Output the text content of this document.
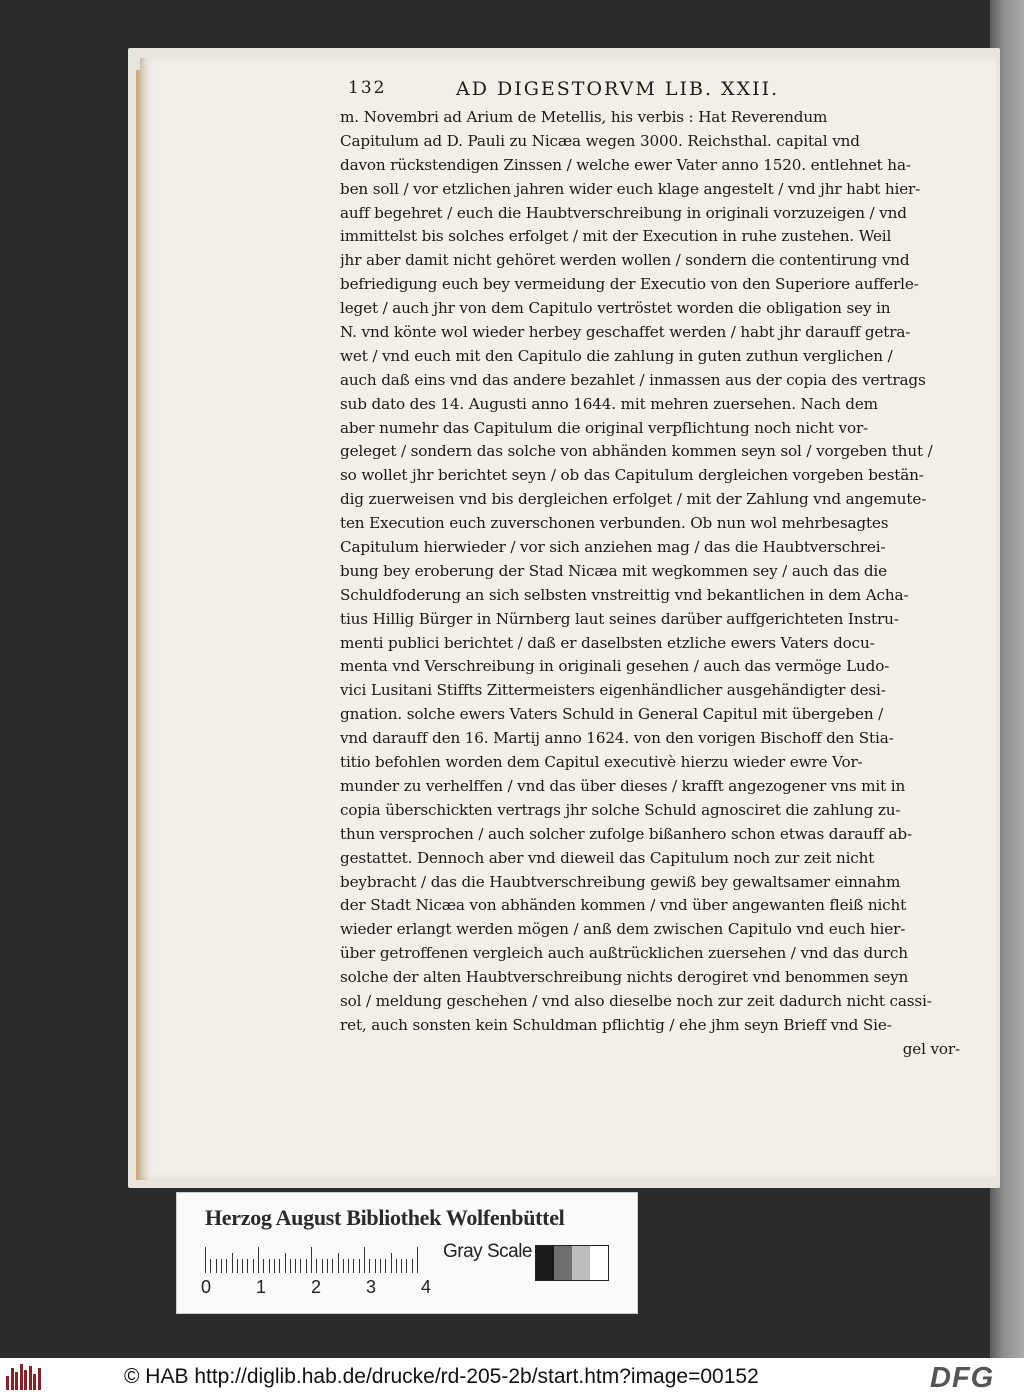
132	AD DIGESTORVM LIB. XXII.
m. Novembri ad Arium de Metellis, his verbis : Hat Reverendum
Capitulum ad D. Pauli zu Nicæa wegen 3000. Reichsthal. capital vnd
davon rückstendigen Zinssen / welche ewer Vater anno 1520. entlehnet ha-
ben soll / vor etzlichen jahren wider euch klage angestelt / vnd jhr habt hier-
auff begehret / euch die Haubtverschreibung in originali vorzuzeigen / vnd
immittelst bis solches erfolget / mit der Execution in ruhe zustehen. Weil
jhr aber damit nicht gehöret werden wollen / sondern die contentirung vnd
befriedigung euch bey vermeidung der Executio von den Superiore aufferle-
leget / auch jhr von dem Capitulo vertröstet worden die obligation sey in
N. vnd könte wol wieder herbey geschaffet werden / habt jhr darauff getra-
wet / vnd euch mit den Capitulo die zahlung in guten zuthun verglichen /
auch daß eins vnd das andere bezahlet / inmassen aus der copia des vertrags
sub dato des 14. Augusti anno 1644. mit mehren zuersehen. Nach dem
aber numehr das Capitulum die original verpflichtung noch nicht vor-
geleget / sondern das solche von abhänden kommen seyn sol / vorgeben thut /
so wollet jhr berichtet seyn / ob das Capitulum dergleichen vorgeben bestän-
dig zuerweisen vnd bis dergleichen erfolget / mit der Zahlung vnd angemute-
ten Execution euch zuverschonen verbunden. Ob nun wol mehrbesagtes
Capitulum hierwieder / vor sich anziehen mag / das die Haubtverschrei-
bung bey eroberung der Stad Nicæa mit wegkommen sey / auch das die
Schuldfoderung an sich selbsten vnstreittig vnd bekantlichen in dem Acha-
tius Hillig Bürger in Nürnberg laut seines darüber auffgerichteten Instru-
menti publici berichtet / daß er daselbsten etzliche ewers Vaters docu-
menta vnd Verschreibung in originali gesehen / auch das vermöge Ludo-
vici Lusitani Stiffts Zittermeisters eigenhändlicher ausgehändigter desi-
gnation. solche ewers Vaters Schuld in General Capitul mit übergeben /
vnd darauff den 16. Martij anno 1624. von den vorigen Bischoff den Stia-
titio befohlen worden dem Capitul executivè hierzu wieder ewre Vor-
munder zu verhelffen / vnd das über dieses / krafft angezogener vns mit in
copia überschickten vertrags jhr solche Schuld agnosciret die zahlung zu-
thun versprochen / auch solcher zufolge bißanhero schon etwas darauff ab-
gestattet. Dennoch aber vnd dieweil das Capitulum noch zur zeit nicht
beybracht / das die Haubtverschreibung gewiß bey gewaltsamer einnahm
der Stadt Nicæa von abhänden kommen / vnd über angewanten fleiß nicht
wieder erlangt werden mögen / anß dem zwischen Capitulo vnd euch hier-
über getroffenen vergleich auch außtrücklichen zuersehen / vnd das durch
solche der alten Haubtverschreibung nichts derogiret vnd benommen seyn
sol / meldung geschehen / vnd also dieselbe noch zur zeit dadurch nicht cassi-
ret, auch sonsten kein Schuldman pflichtig / ehe jhm seyn Brieff vnd Sie-
gel vor-
Herzog August Bibliothek Wolfenbüttel
0 1 2 3 4
Gray Scale
© HAB http://diglib.hab.de/drucke/rd-205-2b/start.htm?image=00152	DFG
